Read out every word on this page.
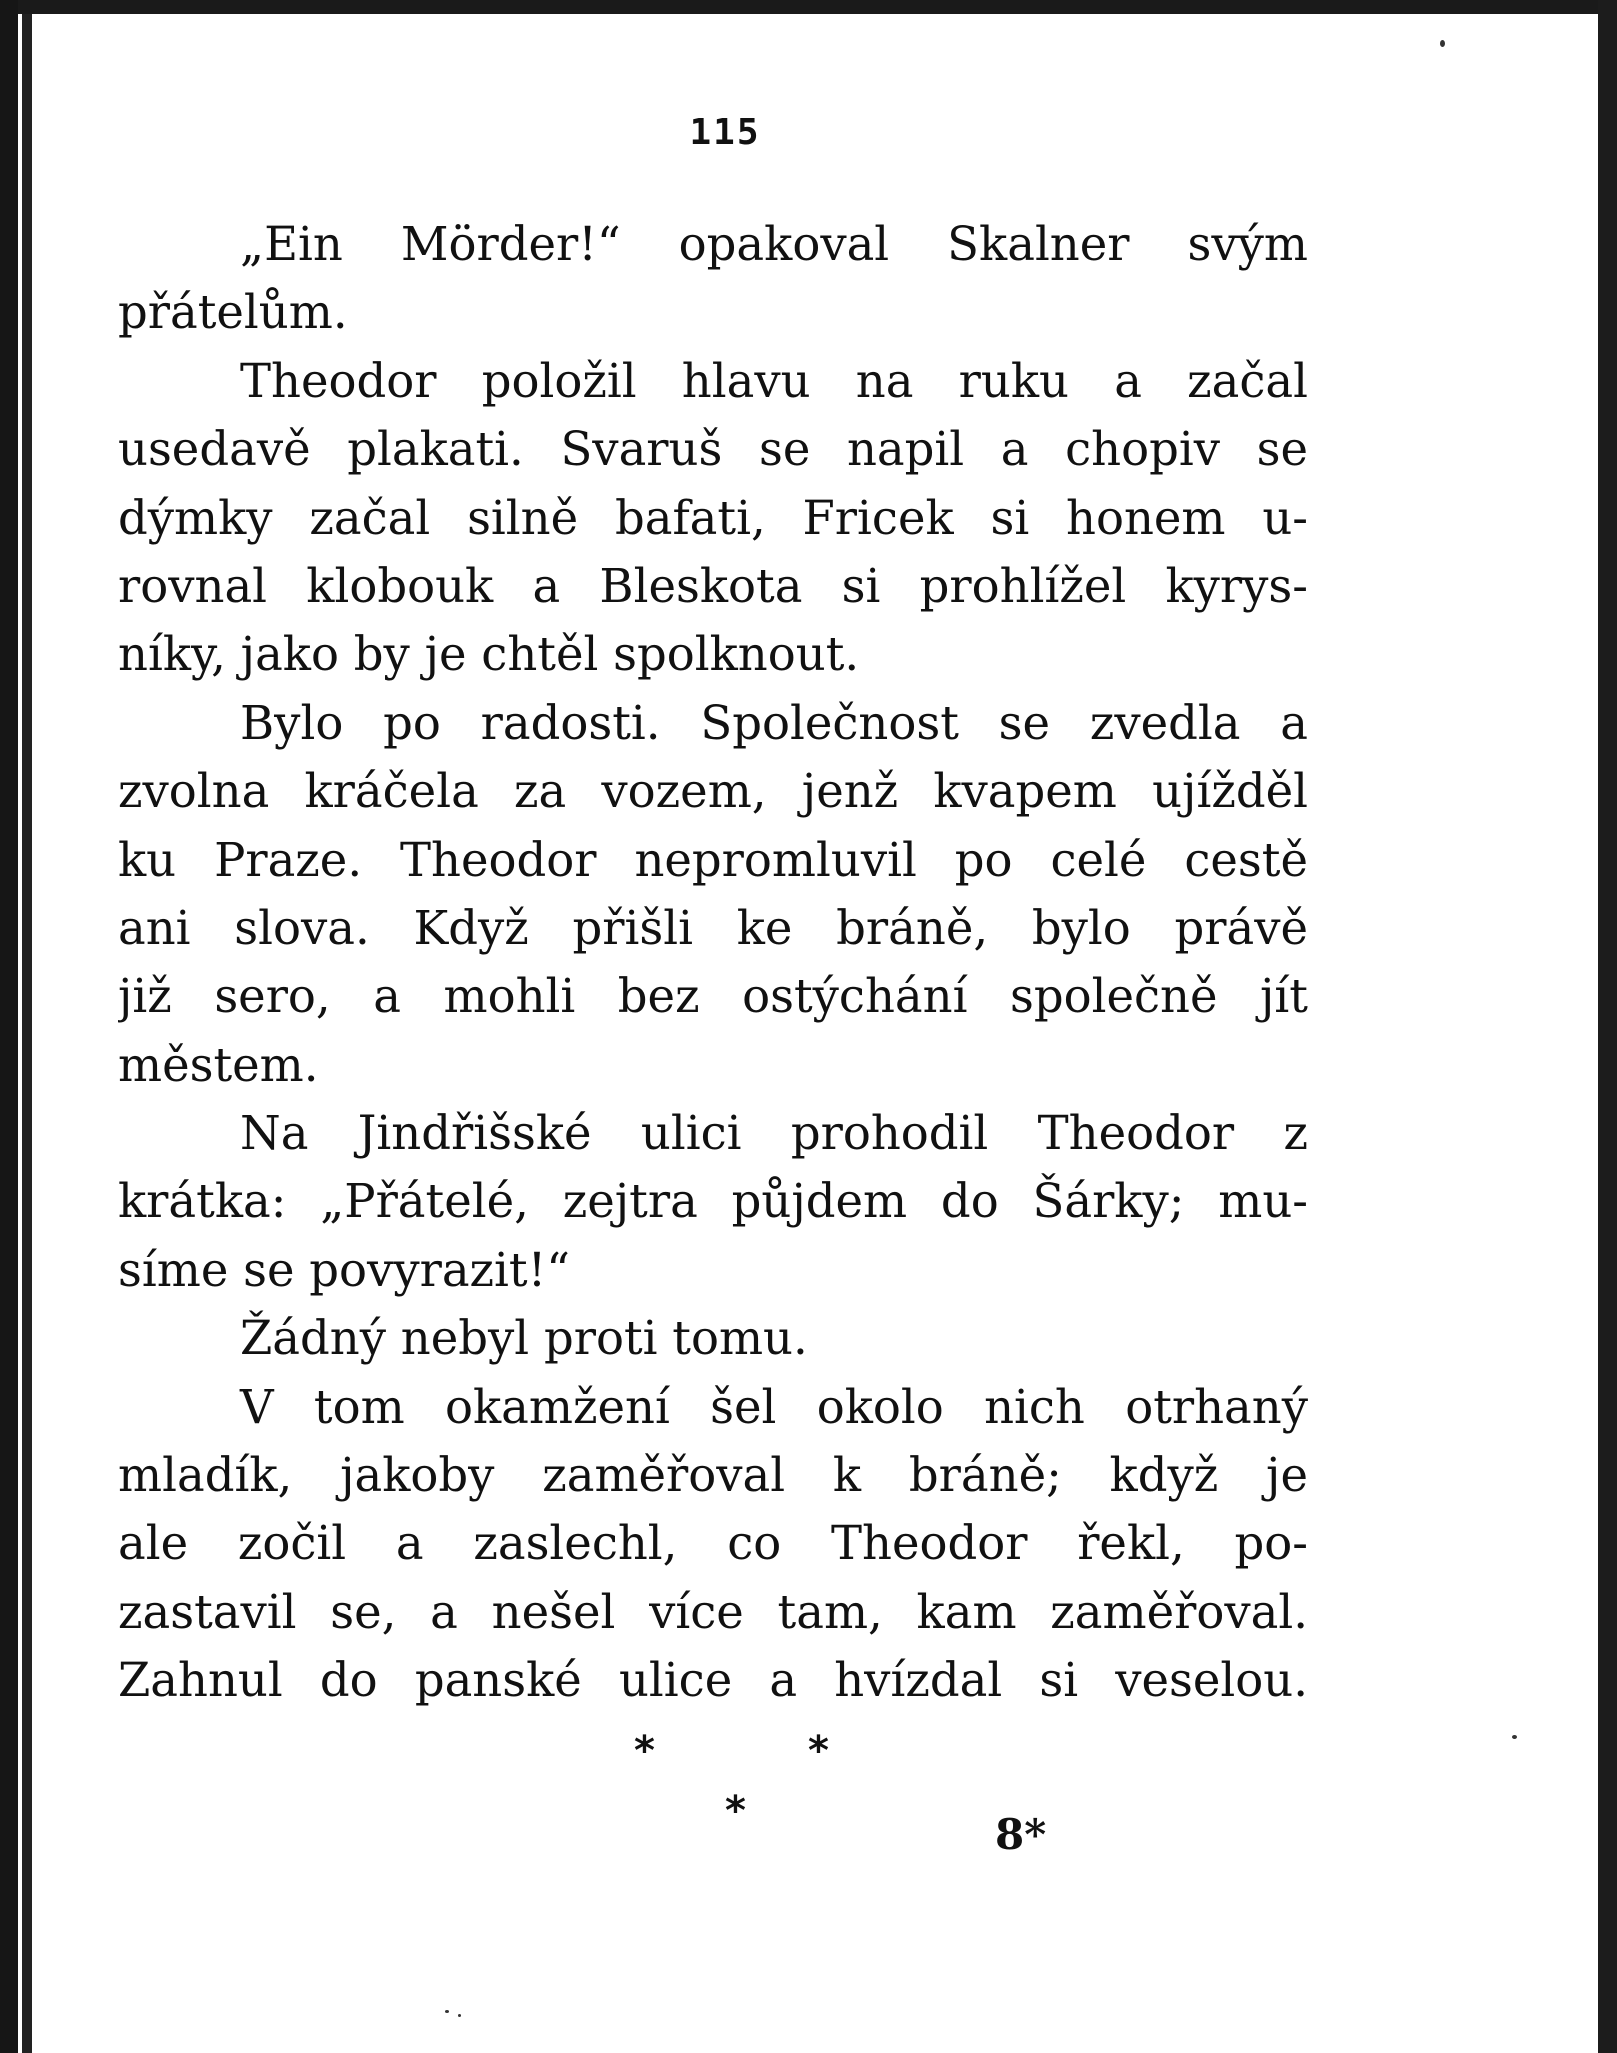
115
„Ein Mörder!“ opakoval Skalner svým
přátelům.
Theodor položil hlavu na ruku a začal
usedavě plakati. Svaruš se napil a chopiv se
dýmky začal silně bafati, Fricek si honem u-
rovnal klobouk a Bleskota si prohlížel kyrys-
níky, jako by je chtěl spolknout.
Bylo po radosti. Společnost se zvedla a
zvolna kráčela za vozem, jenž kvapem ujížděl
ku Praze. Theodor nepromluvil po celé cestě
ani slova. Když přišli ke bráně, bylo právě
již sero, a mohli bez ostýchání společně jít
městem.
Na Jindřišské ulici prohodil Theodor z
krátka: „Přátelé, zejtra půjdem do Šárky; mu-
síme se povyrazit!“
Žádný nebyl proti tomu.
V tom okamžení šel okolo nich otrhaný
mladík, jakoby zaměřoval k bráně; když je
ale zočil a zaslechl, co Theodor řekl, po-
zastavil se, a nešel více tam, kam zaměřoval.
Zahnul do panské ulice a hvízdal si veselou.
*	*
*	8*
